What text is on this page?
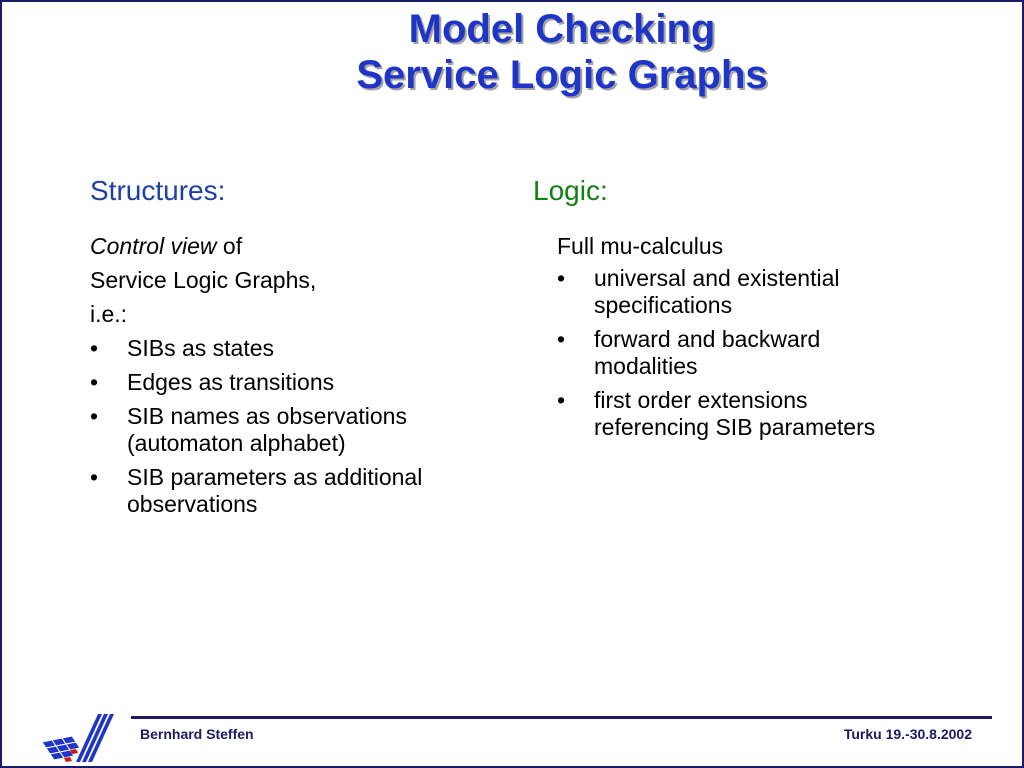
Model Checking
Service Logic Graphs
Structures:	Logic:
Control view of
Service Logic Graphs,
i.e.:
• SIBs as states
• Edges as transitions
• SIB names as observations
(automaton alphabet)
• SIB parameters as additional
observations
Full mu-calculus
• universal and existential
specifications
• forward and backward
modalities
• first order extensions
referencing SIB parameters
Bernhard Steffen	Turku 19.-30.8.2002
